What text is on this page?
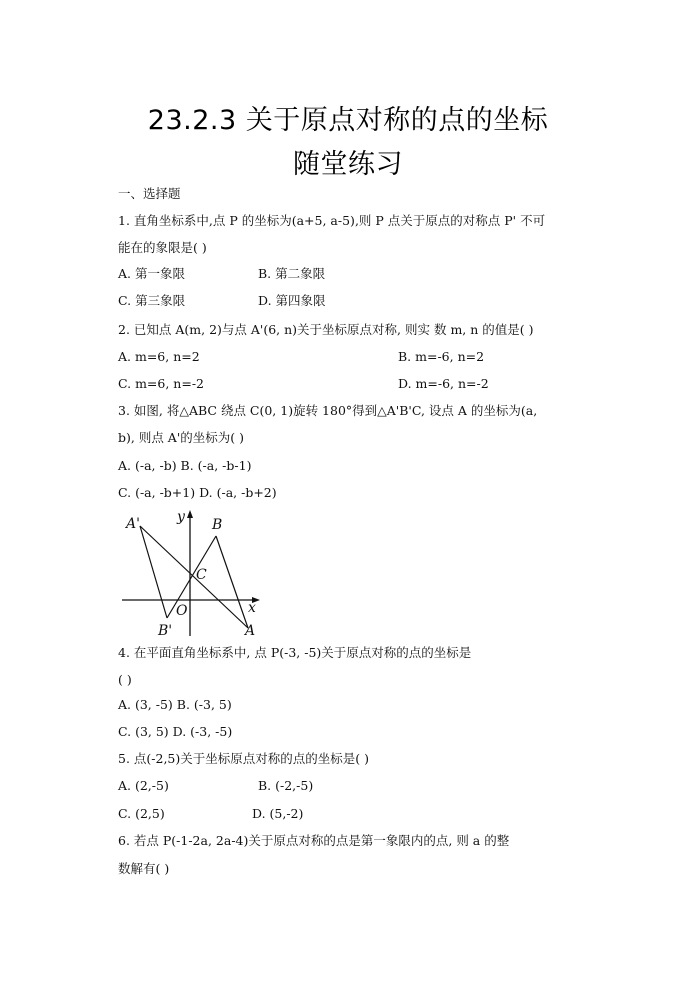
23.2.3 关于原点对称的点的坐标
随堂练习
一、选择题
1. 直角坐标系中,点 P 的坐标为(a+5, a-5),则 P 点关于原点的对称点 P' 不可
能在的象限是( )
A. 第一象限	B. 第二象限
C. 第三象限	D. 第四象限
2. 已知点 A(m, 2)与点 A'(6, n)关于坐标原点对称, 则实 数 m, n 的值是( )
A. m=6, n=2	B. m=-6, n=2
C. m=6, n=-2	D. m=-6, n=-2
3. 如图, 将△ABC 绕点 C(0, 1)旋转 180°得到△A'B'C, 设点 A 的坐标为(a,
b), 则点 A'的坐标为( )
A. (-a, -b) B. (-a, -b-1)
C. (-a, -b+1) D. (-a, -b+2)
A'	y B
C
x
O
B'	A
4. 在平面直角坐标系中, 点 P(-3, -5)关于原点对称的点的坐标是
( )
A. (3, -5) B. (-3, 5)
C. (3, 5) D. (-3, -5)
5. 点(-2,5)关于坐标原点对称的点的坐标是( )
A. (2,-5)	B. (-2,-5)
C. (2,5)	D. (5,-2)
6. 若点 P(-1-2a, 2a-4)关于原点对称的点是第一象限内的点, 则 a 的整
数解有( )
